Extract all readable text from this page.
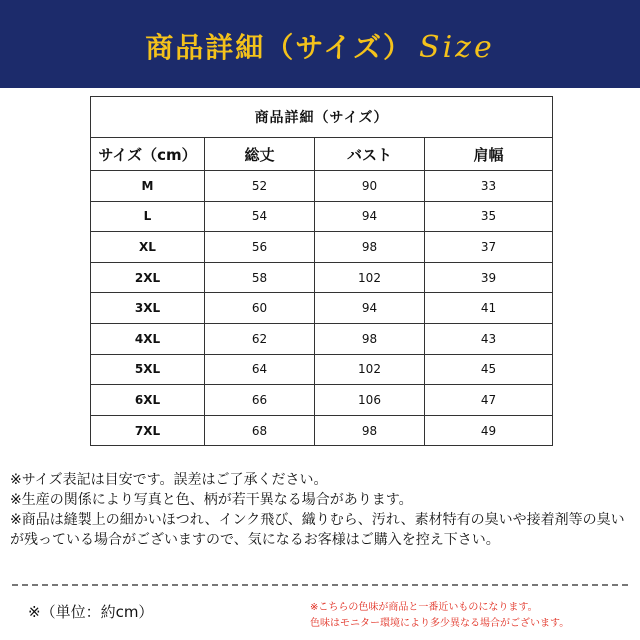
商品詳細（サイズ） Size
商品詳細（サイズ）			
サイズ（cm）	総丈	バスト	肩幅
M	52	90	33
L	54	94	35
XL	56	98	37
2XL	58	102	39
3XL	60	94	41
4XL	62	98	43
5XL	64	102	45
6XL	66	106	47
7XL	68	98	49

※サイズ表記は目安です。誤差はご了承ください。

※生産の関係により写真と色、柄が若干異なる場合があります。

※商品は縫製上の細かいほつれ、インク飛び、織りむら、汚れ、素材特有の臭いや接着剤等の臭いが残っている場合がございますので、気になるお客様はご購入を控え下さい。

※（単位：約cm）	※こちらの色味が商品と一番近いものになります。

色味はモニター環境により多少異なる場合がございます。
